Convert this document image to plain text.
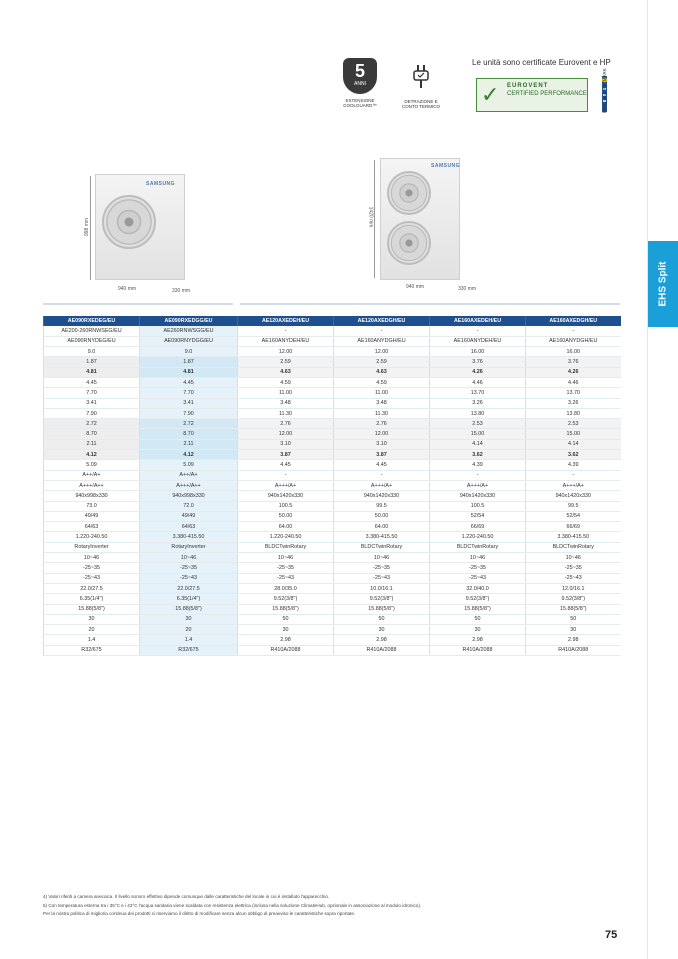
EHS Split
5
ANNI
ESTENSIONE COOLGUARD™
DETRAZIONE E CONTO TERMICO
Le unità sono certificate Eurovent e HP
✓ EUROVENT
CERTIFIED PERFORMANCE	heat pump KEYMARK
SAMSUNG
998 mm
940 mm	330 mm
SAMSUNG
1420 mm
940 mm	330 mm
AE090RXEDEG/EU	AE090RXEDGG/EU	AE120AXEDEH/EU	AE120AXEDGH/EU	AE160AXEDEH/EU	AE160AXEDGH/EU
AE200-260RNWSEG/EU	AE260RNWSGG/EU	-	-	-	-
AE090RNYDEG/EU	AE090RNYDGG/EU	AE160ANYDEH/EU	AE160ANYDGH/EU	AE160ANYDEH/EU	AE160ANYDGH/EU
9.0	9.0	12.00	12.00	16.00	16.00
1.87	1.87	2.59	2.59	3.76	3.76
4.81	4.81	4.63	4.63	4.26	4.26
4.45	4.45	4.59	4.59	4.46	4.46
7.70	7.70	11.00	11.00	13.70	13.70
3.41	3.41	3.48	3.48	3.26	3.26
7.90	7.90	11.30	11.30	13.80	13.80
2.72	2.72	2.76	2.76	2.53	2.53
8.70	8.70	12.00	12.00	15.00	15.00
2.11	2.11	3.10	3.10	4.14	4.14
4.12	4.12	3.87	3.87	3.62	3.62
5.09	5.09	4.45	4.45	4.39	4.39
A++/A+	A++/A+	-	-	-	-
A+++/A++	A+++/A++	A+++/A+	A+++/A+	A+++/A+	A+++/A+
940x998x330	940x998x330	940x1420x330	940x1420x330	940x1420x330	940x1420x330
73.0	72.0	100.5	99.5	100.5	99.5
49/49	49/49	50.00	50.00	52/54	52/54
64/63	64/63	64.00	64.00	66/69	66/69
1.220-240.50	3.380-415.50	1.220-240.50	3.380-415.50	1.220-240.50	3.380-415.50
RotaryInverter	RotaryInverter	BLDCTwinRotary	BLDCTwinRotary	BLDCTwinRotary	BLDCTwinRotary
10~46	10~46	10~46	10~46	10~46	10~46
-25~35	-25~35	-25~35	-25~35	-25~35	-25~35
-25~43	-25~43	-25~43	-25~43	-25~43	-25~43
22.0/27.5	22.0/27.5	28.0/35.0	10.0/16.1	32.0/40.0	12.0/16.1
6.35(1/4")	6.35(1/4")	9.52(3/8")	9.52(3/8")	9.52(3/8")	9.52(3/8")
15.88(5/8")	15.88(5/8")	15.88(5/8")	15.88(5/8")	15.88(5/8")	15.88(5/8")
30	30	50	50	50	50
20	20	30	30	30	30
1.4	1.4	2.98	2.98	2.98	2.98
R32/675	R32/675	R410A/2088	R410A/2088	R410A/2088	R410A/2088
4) Valori riferiti a camera anecoica. Il livello sonoro effettivo dipende comunque dalle caratteristiche del locale in cui è installato l'apparecchio.
5) Con temperatura esterna tra i 35°C e i 43°C l'acqua sanitaria viene scaldata con resistenza elettrica (inclusa nella soluzione ClimateHub, opzionale in associazione al modulo idronico).
Per la nostra politica di miglioria continua dei prodotti ci riserviamo il diritto di modificare senza alcun obbligo di preavviso le caratteristiche sopra riportate.
75
